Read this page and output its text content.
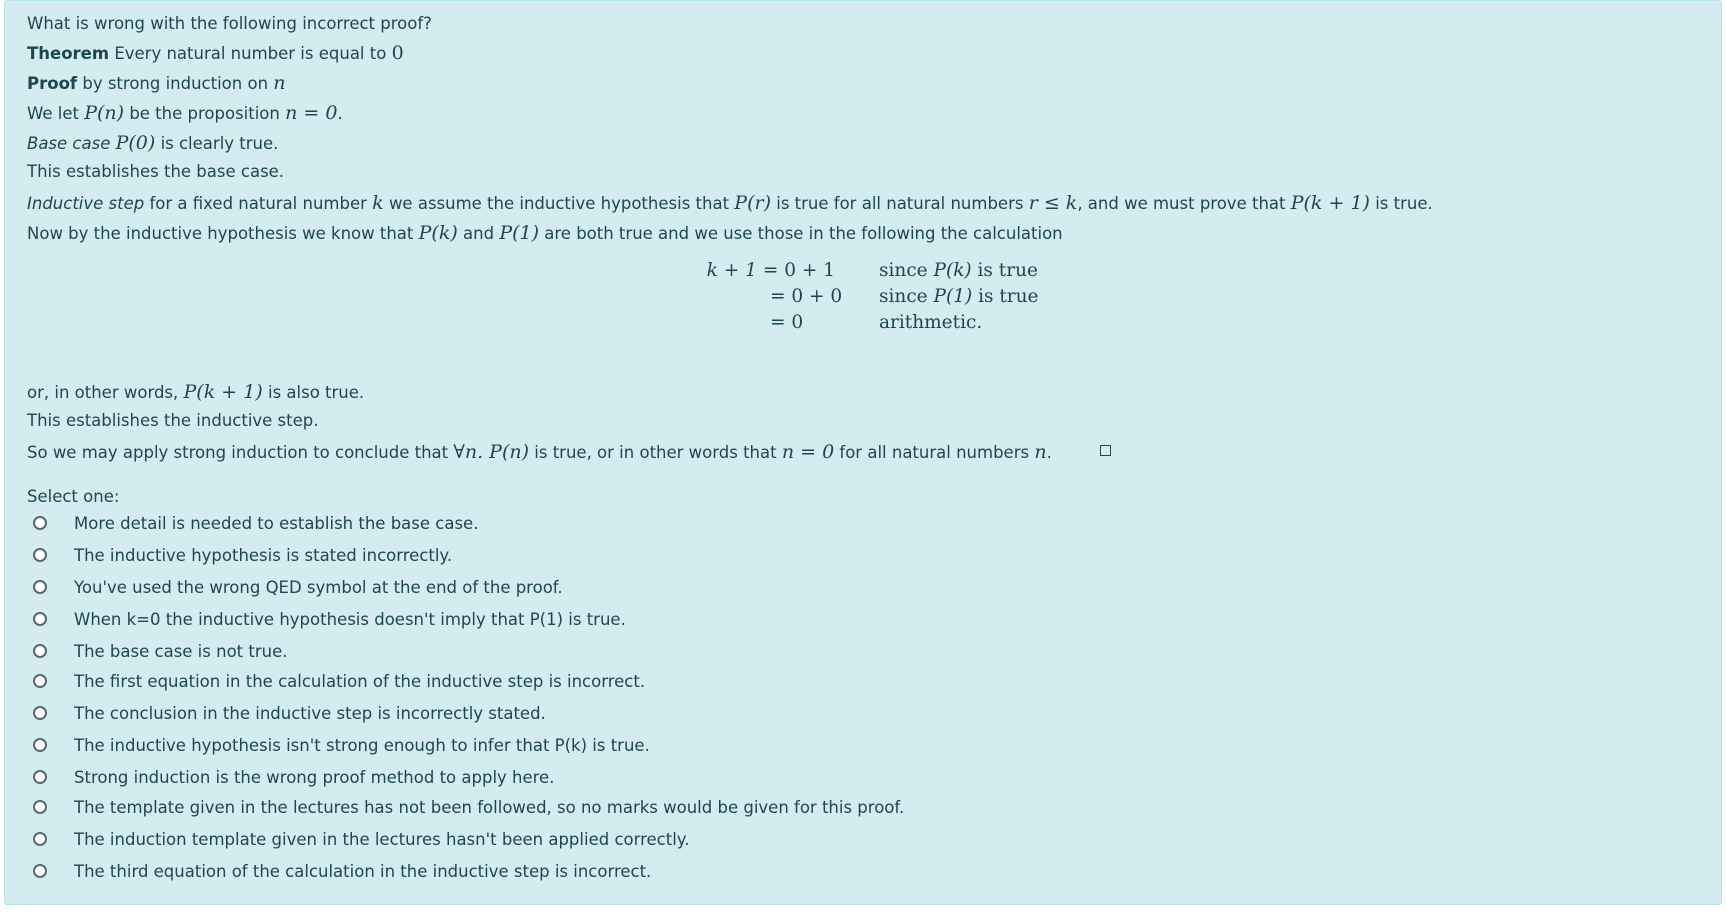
What is wrong with the following incorrect proof?
Theorem Every natural number is equal to 0
Proof by strong induction on n
We let P(n) be the proposition n = 0.
Base case P(0) is clearly true.
This establishes the base case.
Inductive step for a fixed natural number k we assume the inductive hypothesis that P(r) is true for all natural numbers r ≤ k, and we must prove that P(k + 1) is true.
Now by the inductive hypothesis we know that P(k) and P(1) are both true and we use those in the following the calculation
k + 1 = 0 + 1 since P(k) is true
= 0 + 0 since P(1) is true
= 0	arithmetic.
or, in other words, P(k + 1) is also true.
This establishes the inductive step.
So we may apply strong induction to conclude that ∀n. P(n) is true, or in other words that n = 0 for all natural numbers n.
Select one:
More detail is needed to establish the base case.
The inductive hypothesis is stated incorrectly.
You've used the wrong QED symbol at the end of the proof.
When k=0 the inductive hypothesis doesn't imply that P(1) is true.
The base case is not true.
The first equation in the calculation of the inductive step is incorrect.
The conclusion in the inductive step is incorrectly stated.
The inductive hypothesis isn't strong enough to infer that P(k) is true.
Strong induction is the wrong proof method to apply here.
The template given in the lectures has not been followed, so no marks would be given for this proof.
The induction template given in the lectures hasn't been applied correctly.
The third equation of the calculation in the inductive step is incorrect.
